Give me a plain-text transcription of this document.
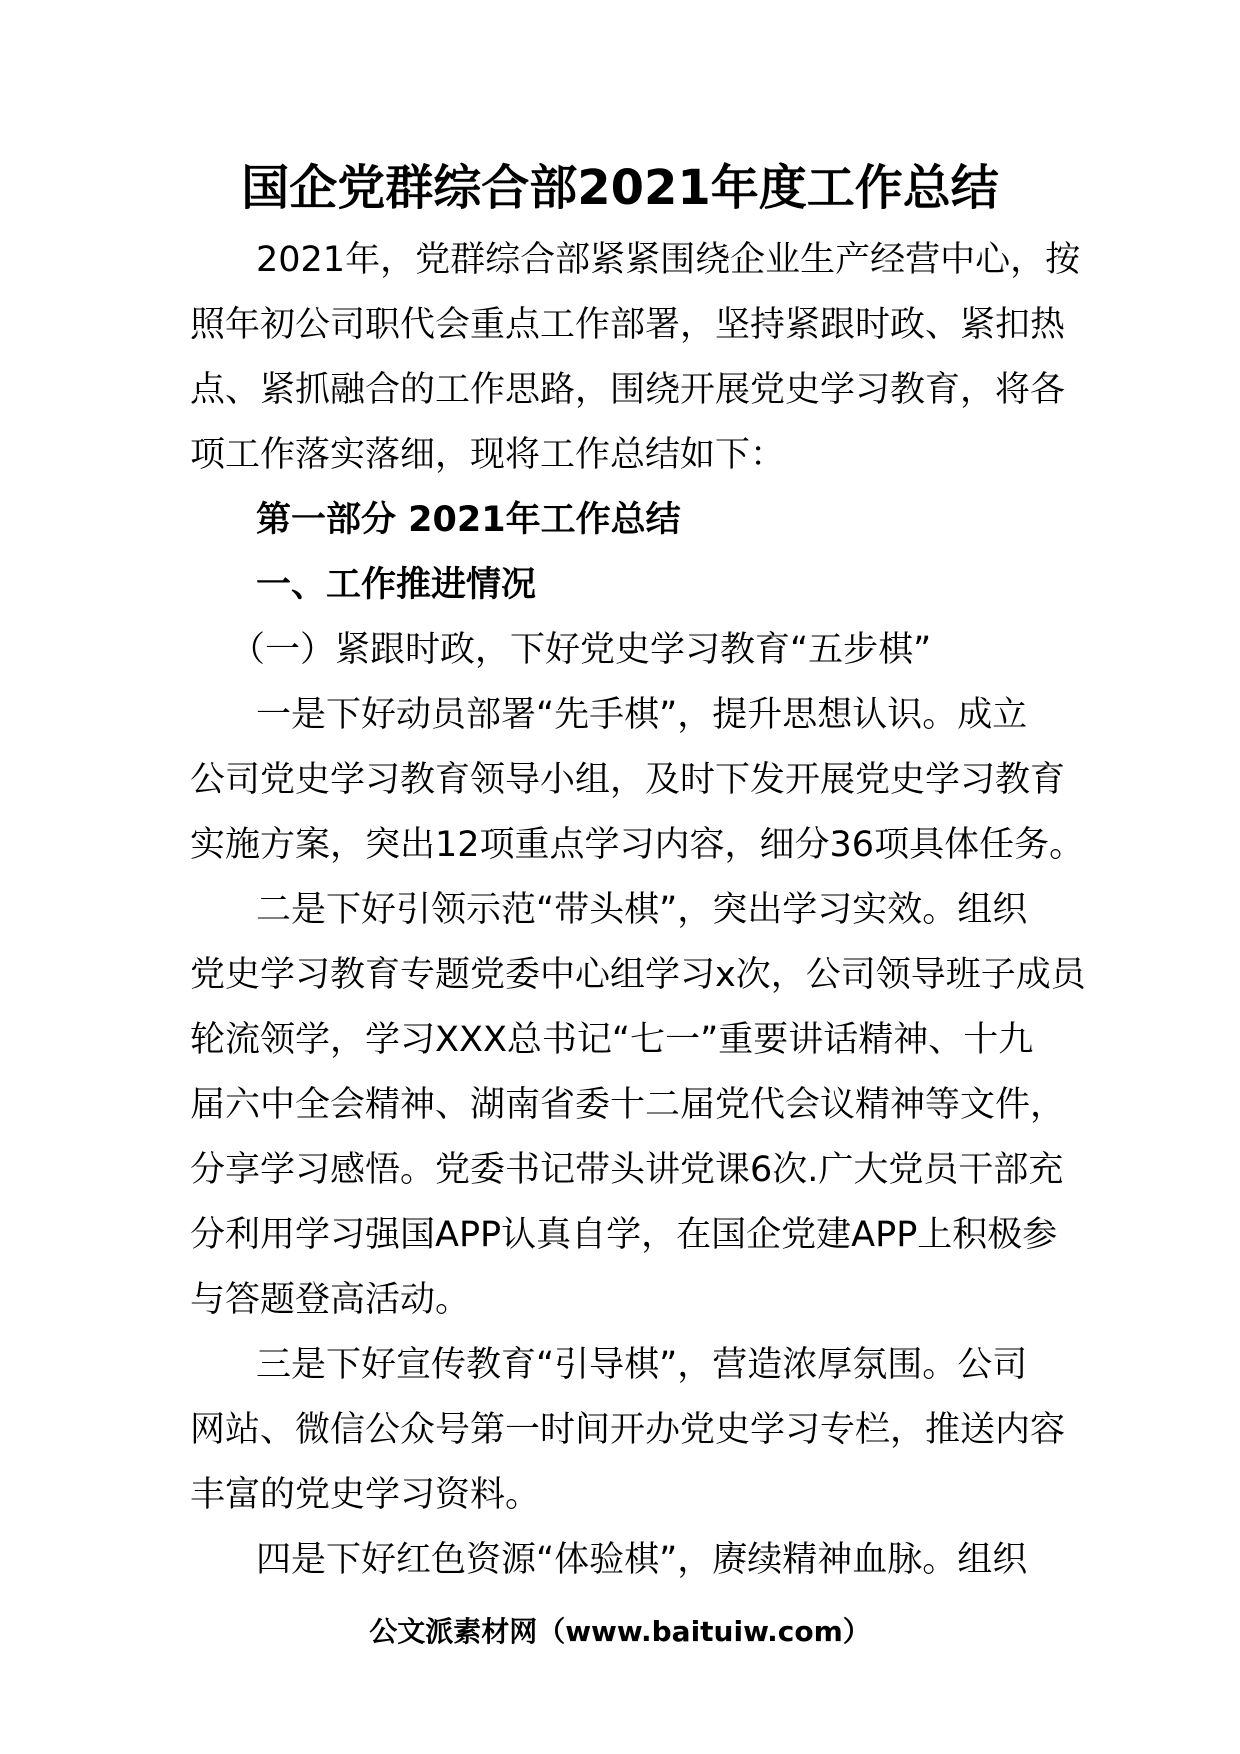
国企党群综合部2021年度工作总结
2021年，党群综合部紧紧围绕企业生产经营中心，按
照年初公司职代会重点工作部署，坚持紧跟时政、紧扣热
点、紧抓融合的工作思路，围绕开展党史学习教育，将各
项工作落实落细，现将工作总结如下：
第一部分 2021年工作总结
一、工作推进情况
（一）紧跟时政，下好党史学习教育“五步棋”
一是下好动员部署“先手棋”，提升思想认识。成立
公司党史学习教育领导小组，及时下发开展党史学习教育
实施方案，突出12项重点学习内容，细分36项具体任务。
二是下好引领示范“带头棋”，突出学习实效。组织
党史学习教育专题党委中心组学习x次，公司领导班子成员
轮流领学，学习XXX总书记“七一”重要讲话精神、十九
届六中全会精神、湖南省委十二届党代会议精神等文件，
分享学习感悟。党委书记带头讲党课6次.广大党员干部充
分利用学习强国APP认真自学，在国企党建APP上积极参
与答题登高活动。
三是下好宣传教育“引导棋”，营造浓厚氛围。公司
网站、微信公众号第一时间开办党史学习专栏，推送内容
丰富的党史学习资料。
四是下好红色资源“体验棋”，赓续精神血脉。组织
公文派素材网（www.baituiw.com）
